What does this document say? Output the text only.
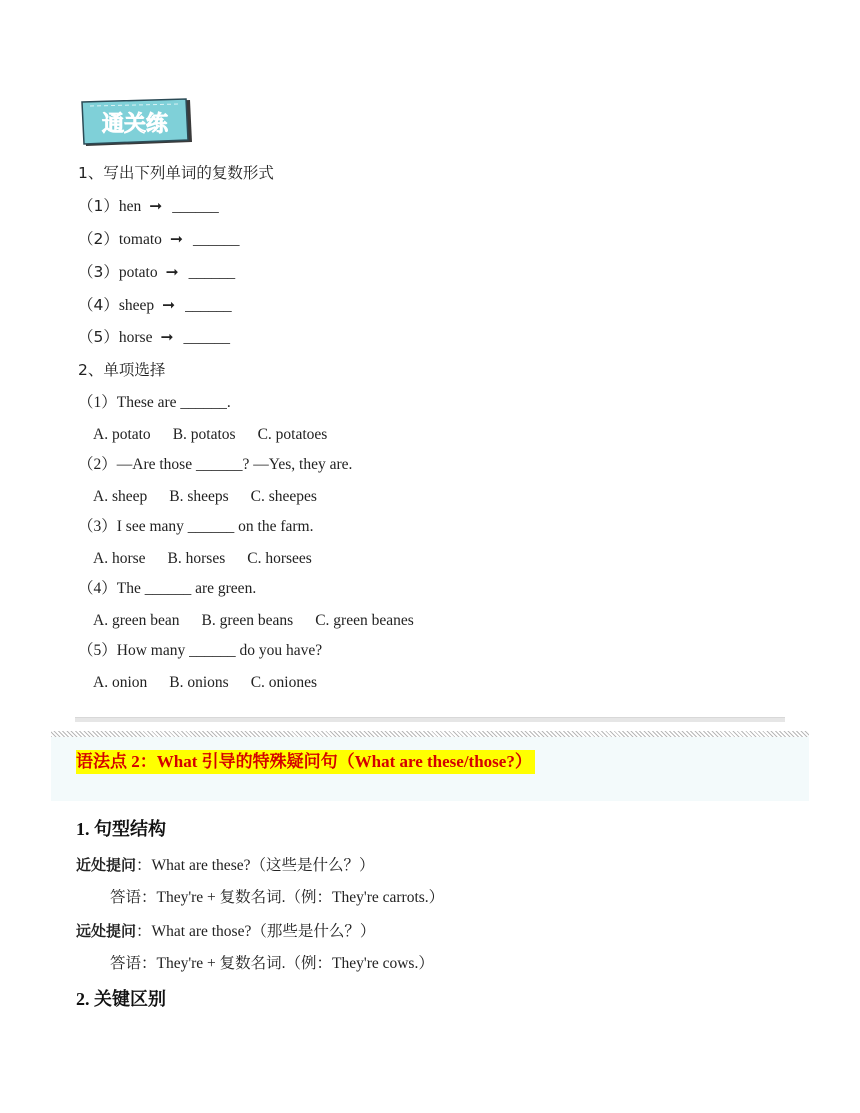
通关练
1、写出下列单词的复数形式
（1）hen ➞ ______
（2）tomato ➞ ______
（3）potato ➞ ______
（4）sheep ➞ ______
（5）horse ➞ ______
2、单项选择
（1）These are ______.
A. potato B. potatos C. potatoes
（2）—Are those ______? —Yes, they are.
A. sheep B. sheeps C. sheepes
（3）I see many ______ on the farm.
A. horse B. horses C. horsees
（4）The ______ are green.
A. green bean B. green beans C. green beanes
（5）How many ______ do you have?
A. onion B. onions C. oniones
语法点 2：What 引导的特殊疑问句（What are these/those?）
1. 句型结构
近处提问：What are these?（这些是什么？）
答语：They're + 复数名词.（例：They're carrots.）
远处提问：What are those?（那些是什么？）
答语：They're + 复数名词.（例：They're cows.）
2. 关键区别
